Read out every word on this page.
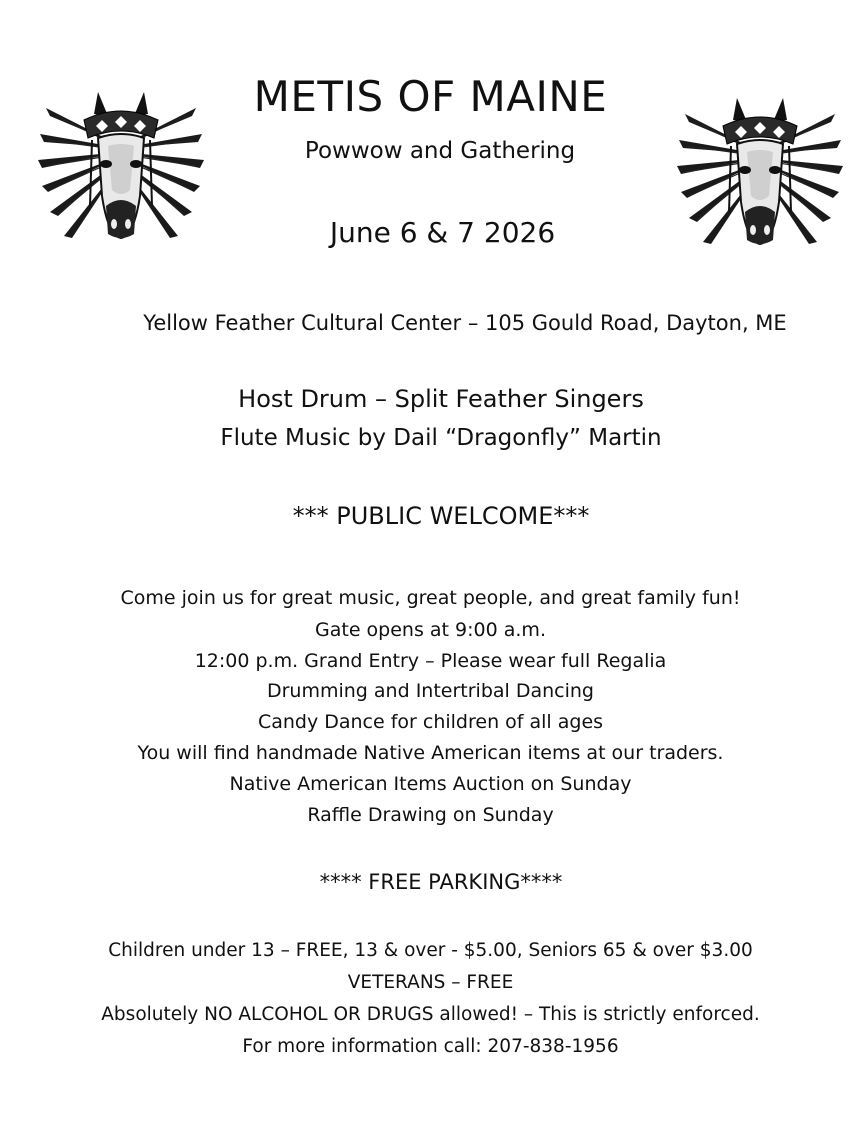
METIS OF MAINE
Powwow and Gathering
June 6 & 7 2026
Yellow Feather Cultural Center – 105 Gould Road, Dayton, ME
Host Drum – Split Feather Singers
Flute Music by Dail “Dragonfly” Martin
*** PUBLIC WELCOME***
Come join us for great music, great people, and great family fun!
Gate opens at 9:00 a.m.
12:00 p.m. Grand Entry – Please wear full Regalia
Drumming and Intertribal Dancing
Candy Dance for children of all ages
You will find handmade Native American items at our traders.
Native American Items Auction on Sunday
Raffle Drawing on Sunday
**** FREE PARKING****
Children under 13 – FREE, 13 & over - $5.00, Seniors 65 & over $3.00
VETERANS – FREE
Absolutely NO ALCOHOL OR DRUGS allowed! – This is strictly enforced.
For more information call: 207-838-1956
